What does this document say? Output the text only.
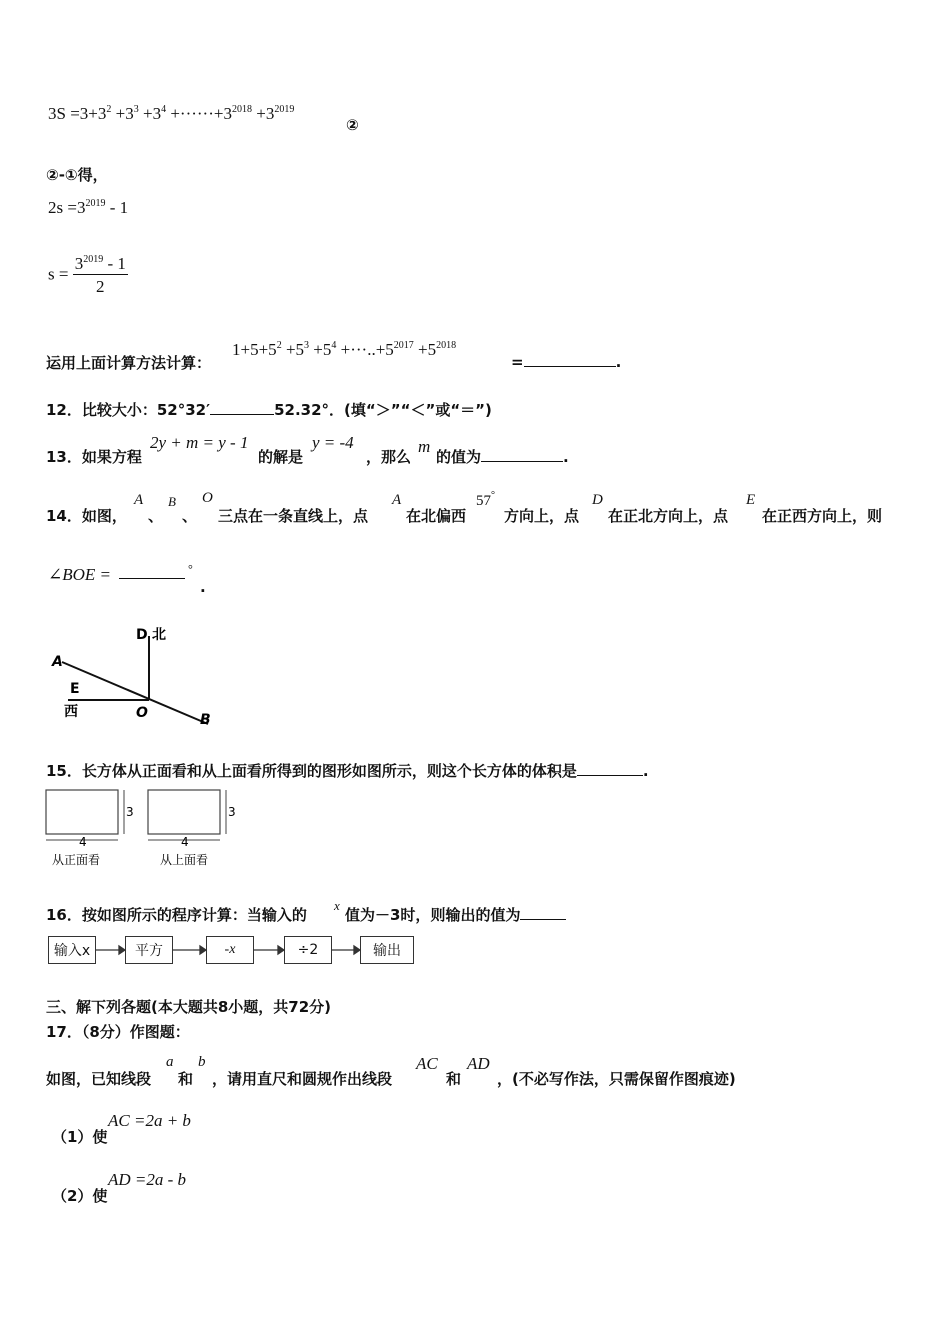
$3S =3+3^2 +3^3 +3^4 +\cdot\cdot\cdot\cdot\cdot\cdot+3^{2018} +3^{2019}$
②
②-①得，
$2s =3^{2019} - 1$
$s = \frac{3^{2019} - 1}{2}$
运用上面计算方法计算：
$1+5+5^2 +5^3 +5^4 +\cdot\cdot\cdot..+5^{2017} +5^{2018}$
=	.
12．比较大小：52°32′	52.32°．(填“＞”“＜”或“＝”)
13．如果方程
2y + m = y - 1
的解是
y = -4
，那么
m
的值为	.
14．如图，
A
、
B
、
O
三点在一条直线上，点
A
在北偏西
57°
方向上，点
D
在正北方向上，点
E
在正西方向上，则
∠BOE =	°
.
D 北
A
E
西	O	B
15．长方体从正面看和从上面看所得到的图形如图所示，则这个长方体的体积是	.
3
4
从正面看
3
4
从上面看
16．按如图所示的程序计算：当输入的
x
值为－3时，则输出的值为
输入x	平方	-x	÷2	输出
三、解下列各题(本大题共8小题，共72分)
17．（8分）作图题：
如图，已知线段
a
和
b
，请用直尺和圆规作出线段
AC
和
AD
，(不必写作法，只需保留作图痕迹)
（1）使
AC =2a + b
（2）使
AD =2a - b
